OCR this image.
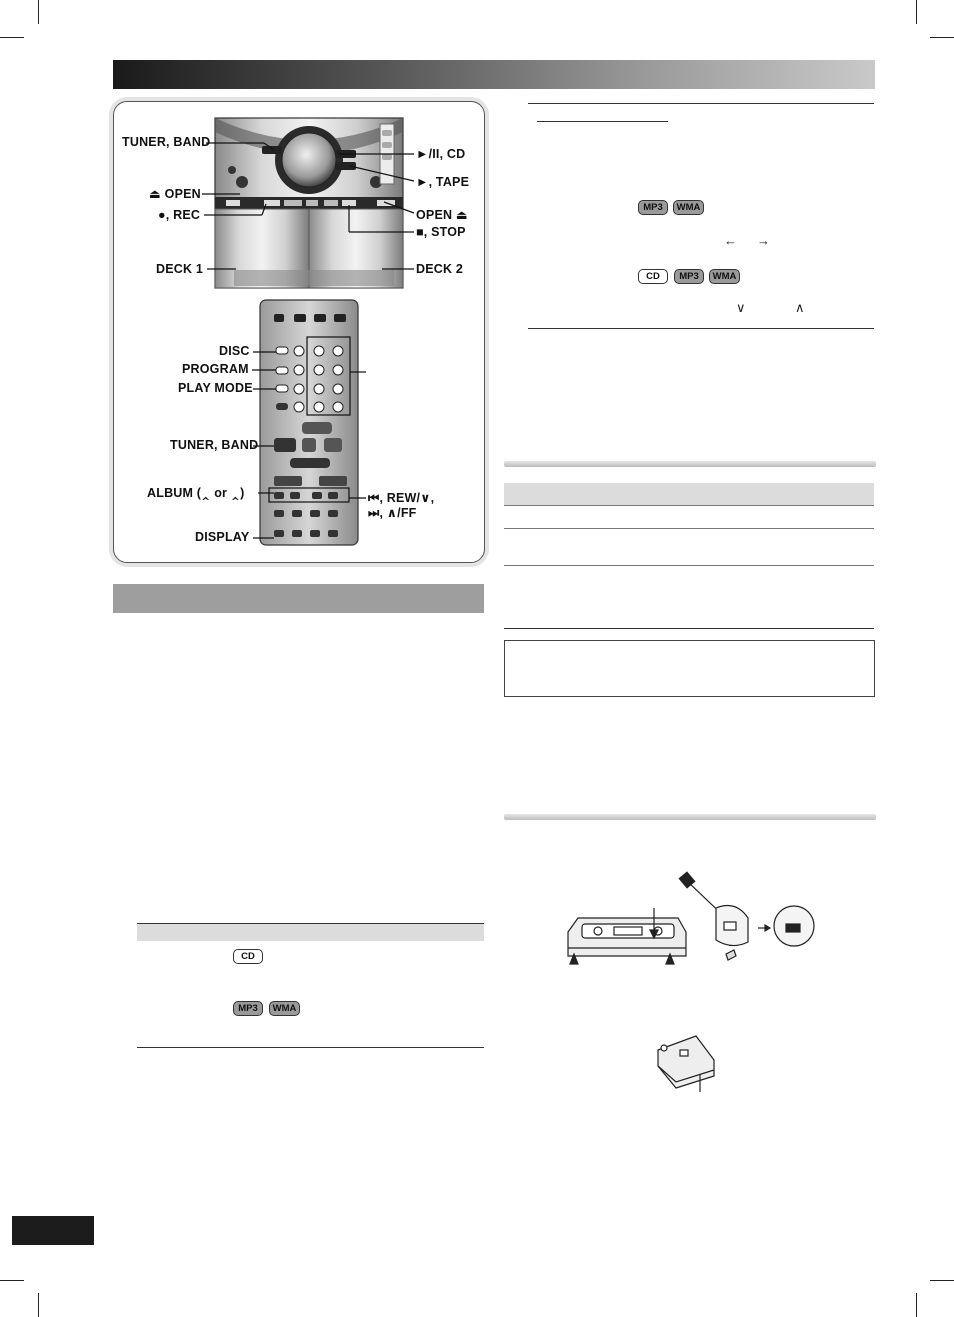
TUNER, BAND
⏏ OPEN
●, REC
DECK 1
►/II, CD
►, TAPE
OPEN ⏏
■, STOP
DECK 2
DISC
PROGRAM
PLAY MODE
TUNER, BAND
ALBUM (‸ or ‸)
DISPLAY
⏮, REW/∨,
⏭, ∧/FF
CD
MP3	WMA
MP3	WMA
← →
CD	MP3	WMA
∨	∧
